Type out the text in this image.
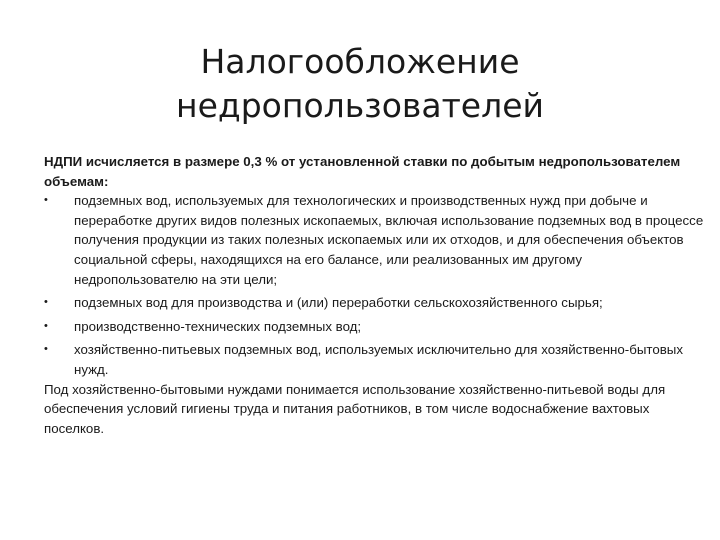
Налогообложение
недропользователей

НДПИ исчисляется в размере 0,3 % от установленной ставки по добытым недропользователем объемам:

•	подземных вод, используемых для технологических и производственных нужд при добыче и переработке других видов полезных ископаемых, включая использование подземных вод в процессе получения продукции из таких полезных ископаемых или их отходов, и для обеспечения объектов социальной сферы, находящихся на его балансе, или реализованных им другому недропользователю на эти цели;
•	подземных вод для производства и (или) переработки сельскохозяйственного сырья;
•	производственно-технических подземных вод;
•	хозяйственно-питьевых подземных вод, используемых исключительно для хозяйственно-бытовых нужд.

Под хозяйственно-бытовыми нуждами понимается использование хозяйственно-питьевой воды для обеспечения условий гигиены труда и питания работников, в том числе водоснабжение вахтовых поселков.
